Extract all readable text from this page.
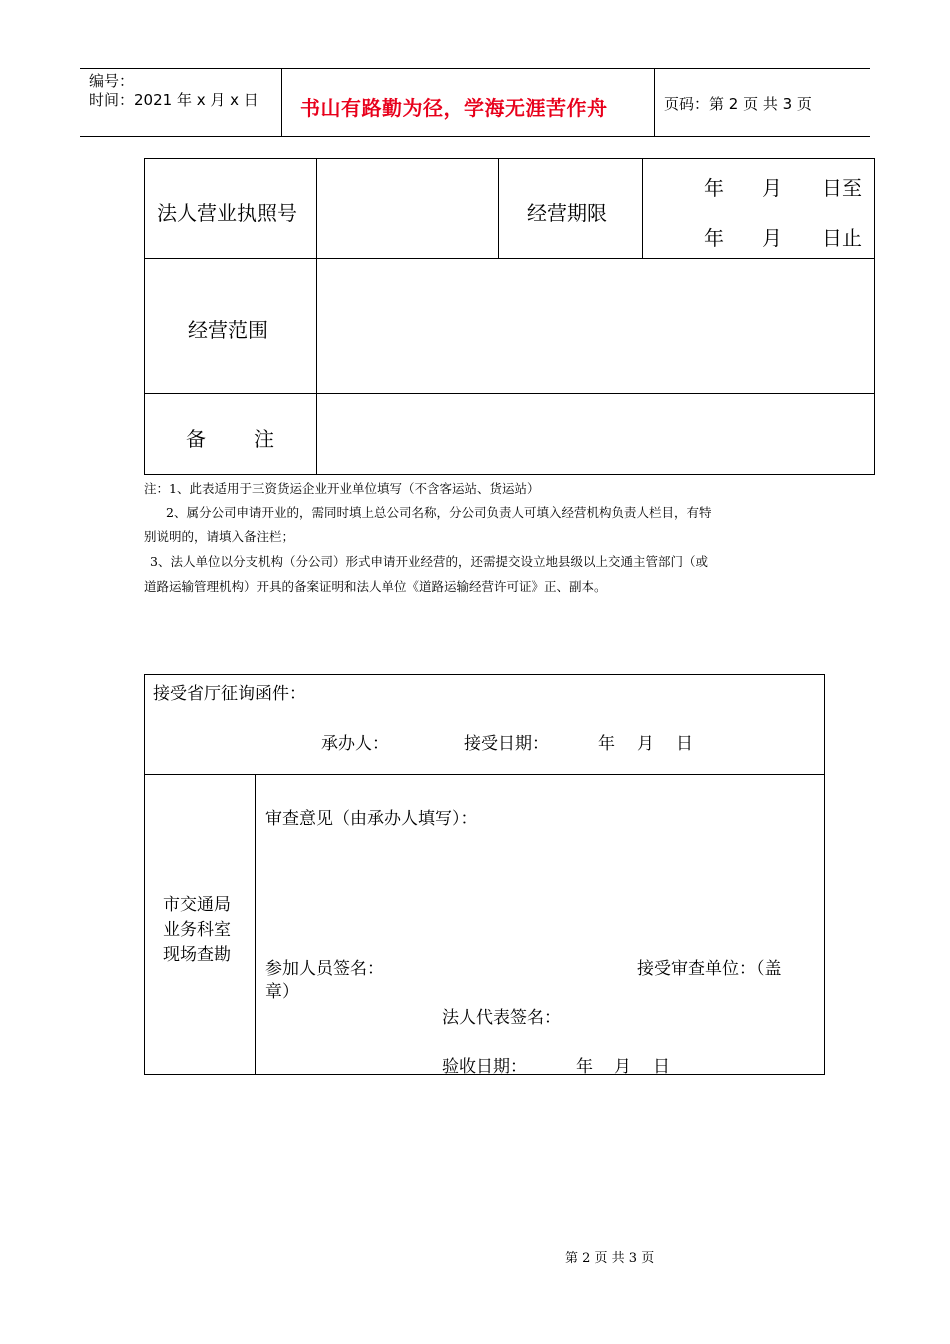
编号：
时间：2021 年 x 月 x 日 书山有路勤为径，学海无涯苦作舟	页码：第 2 页 共 3 页
法人营业执照号	经营期限
年 月 日至
年 月 日止
经营范围
备 注
注：1、此表适用于三资货运企业开业单位填写（不含客运站、货运站）
2、属分公司申请开业的，需同时填上总公司名称，分公司负责人可填入经营机构负责人栏目，有特
别说明的，请填入备注栏；
3、法人单位以分支机构（分公司）形式申请开业经营的，还需提交设立地县级以上交通主管部门（或
道路运输管理机构）开具的备案证明和法人单位《道路运输经营许可证》正、副本。
接受省厅征询函件：
承办人：	接受日期：	年 月 日
市交通局
业务科室
现场查勘
审查意见（由承办人填写）：
参加人员签名：	接受审查单位：（盖
章）
法人代表签名：
验收日期：	年 月 日
第 2 页 共 3 页
